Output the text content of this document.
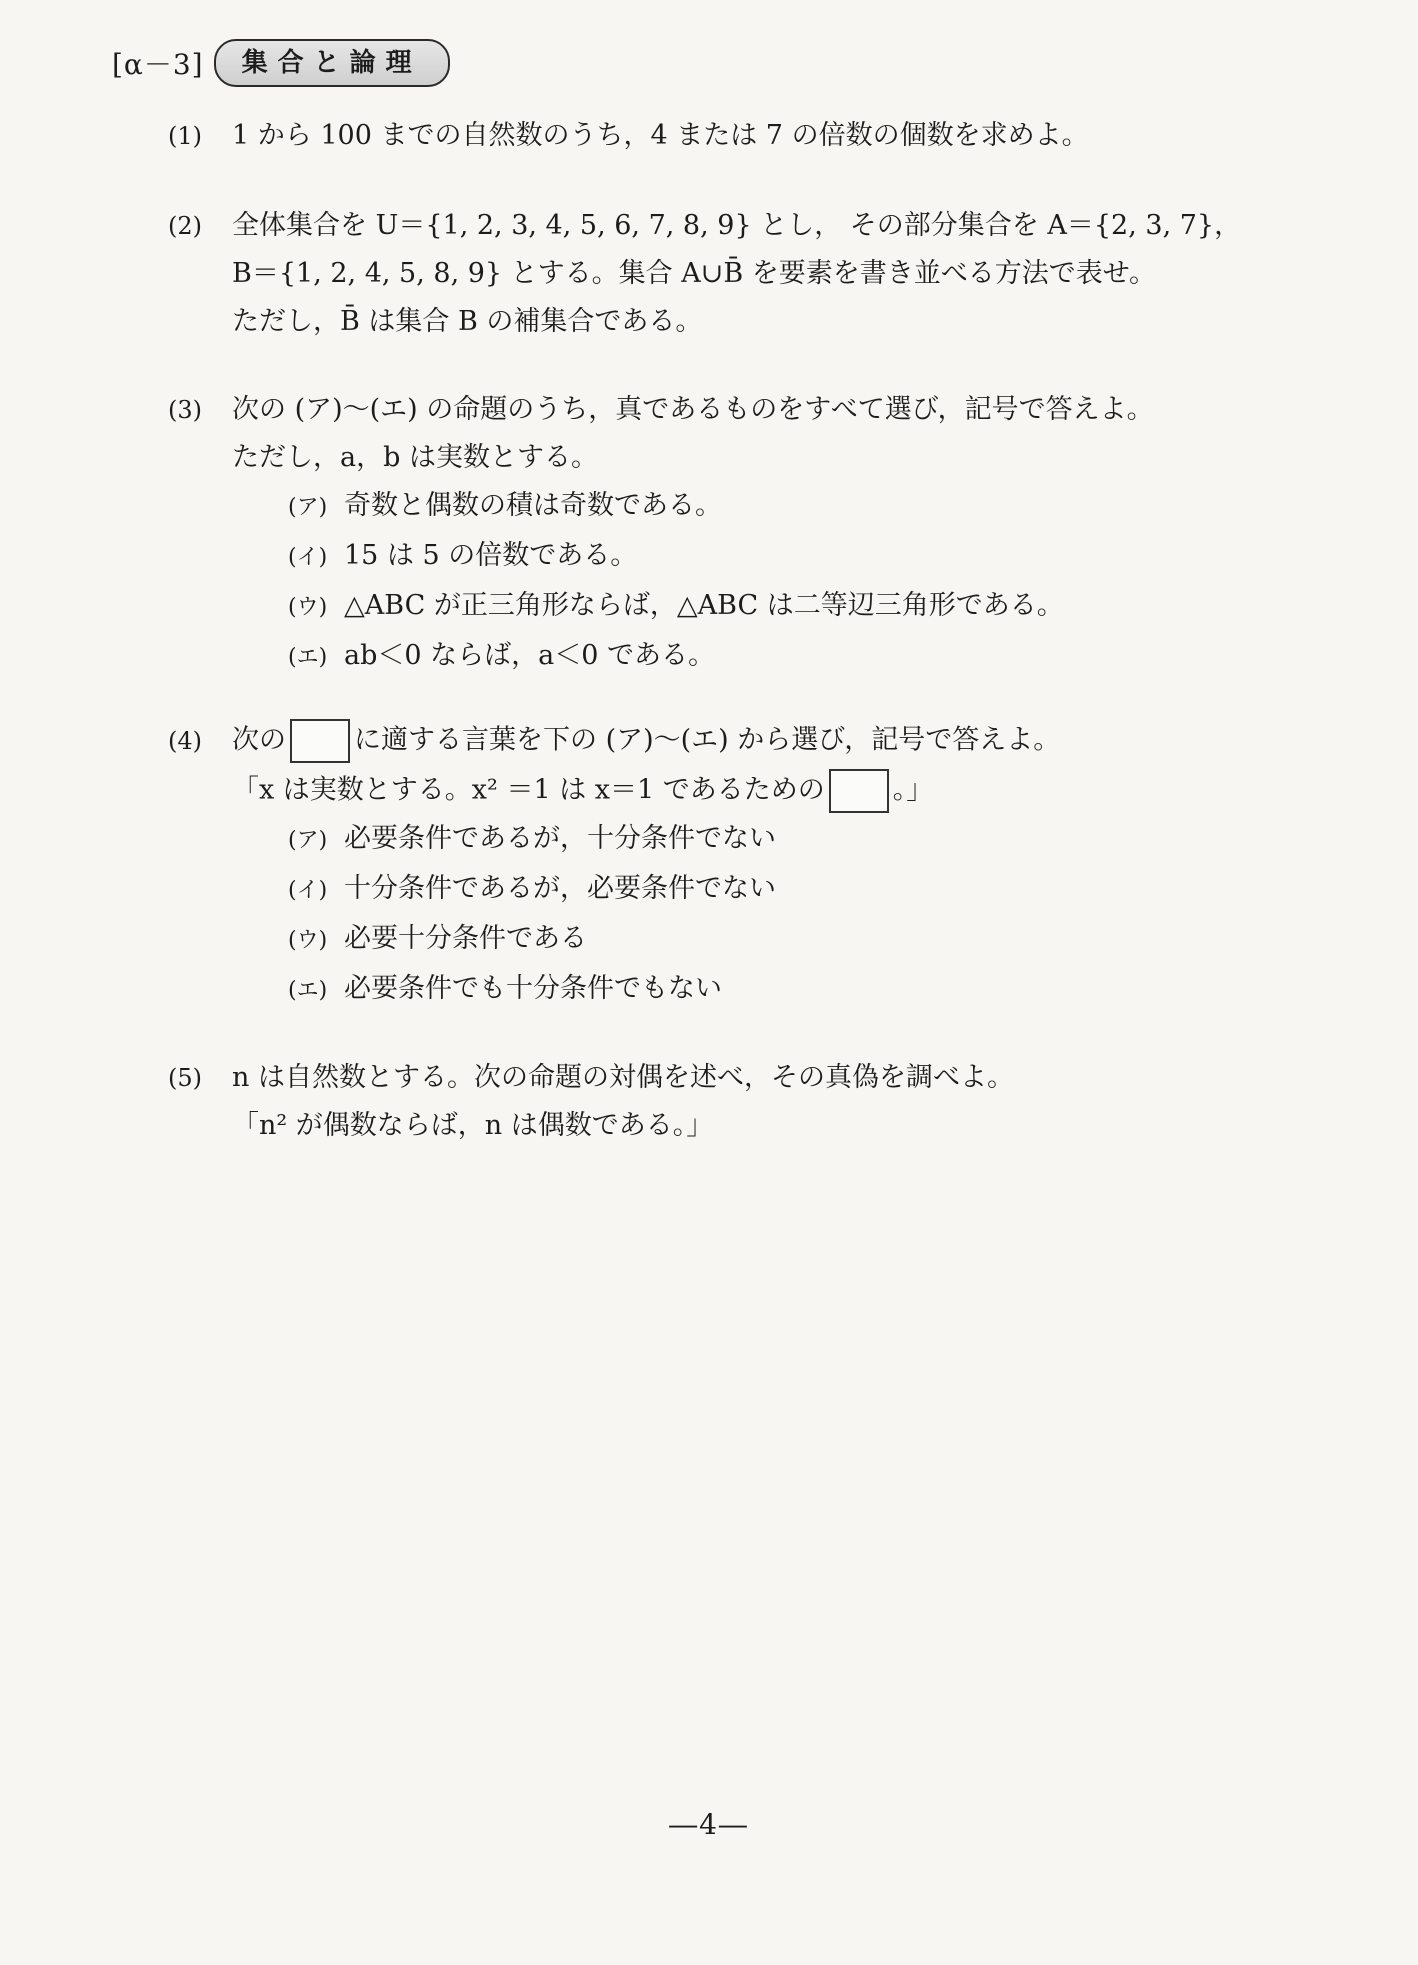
[α－3]	集合と論理
(1) 1 から 100 までの自然数のうち，4 または 7 の倍数の個数を求めよ。
(2) 全体集合を U＝{1, 2, 3, 4, 5, 6, 7, 8, 9} とし， その部分集合を A＝{2, 3, 7}，
B＝{1, 2, 4, 5, 8, 9} とする。集合 A∪B̄ を要素を書き並べる方法で表せ。
ただし，B̄ は集合 B の補集合である。
(3) 次の (ア)～(エ) の命題のうち，真であるものをすべて選び，記号で答えよ。
ただし，a，b は実数とする。
(ア) 奇数と偶数の積は奇数である。
(イ) 15 は 5 の倍数である。
(ウ) △ABC が正三角形ならば，△ABC は二等辺三角形である。
(エ) ab＜0 ならば，a＜0 である。
(4) 次の	に適する言葉を下の (ア)～(エ) から選び，記号で答えよ。
「x は実数とする。x² ＝1 は x＝1 であるための	。」
(ア) 必要条件であるが，十分条件でない
(イ) 十分条件であるが，必要条件でない
(ウ) 必要十分条件である
(エ) 必要条件でも十分条件でもない
(5) n は自然数とする。次の命題の対偶を述べ，その真偽を調べよ。
「n² が偶数ならば，n は偶数である。」
―4―
